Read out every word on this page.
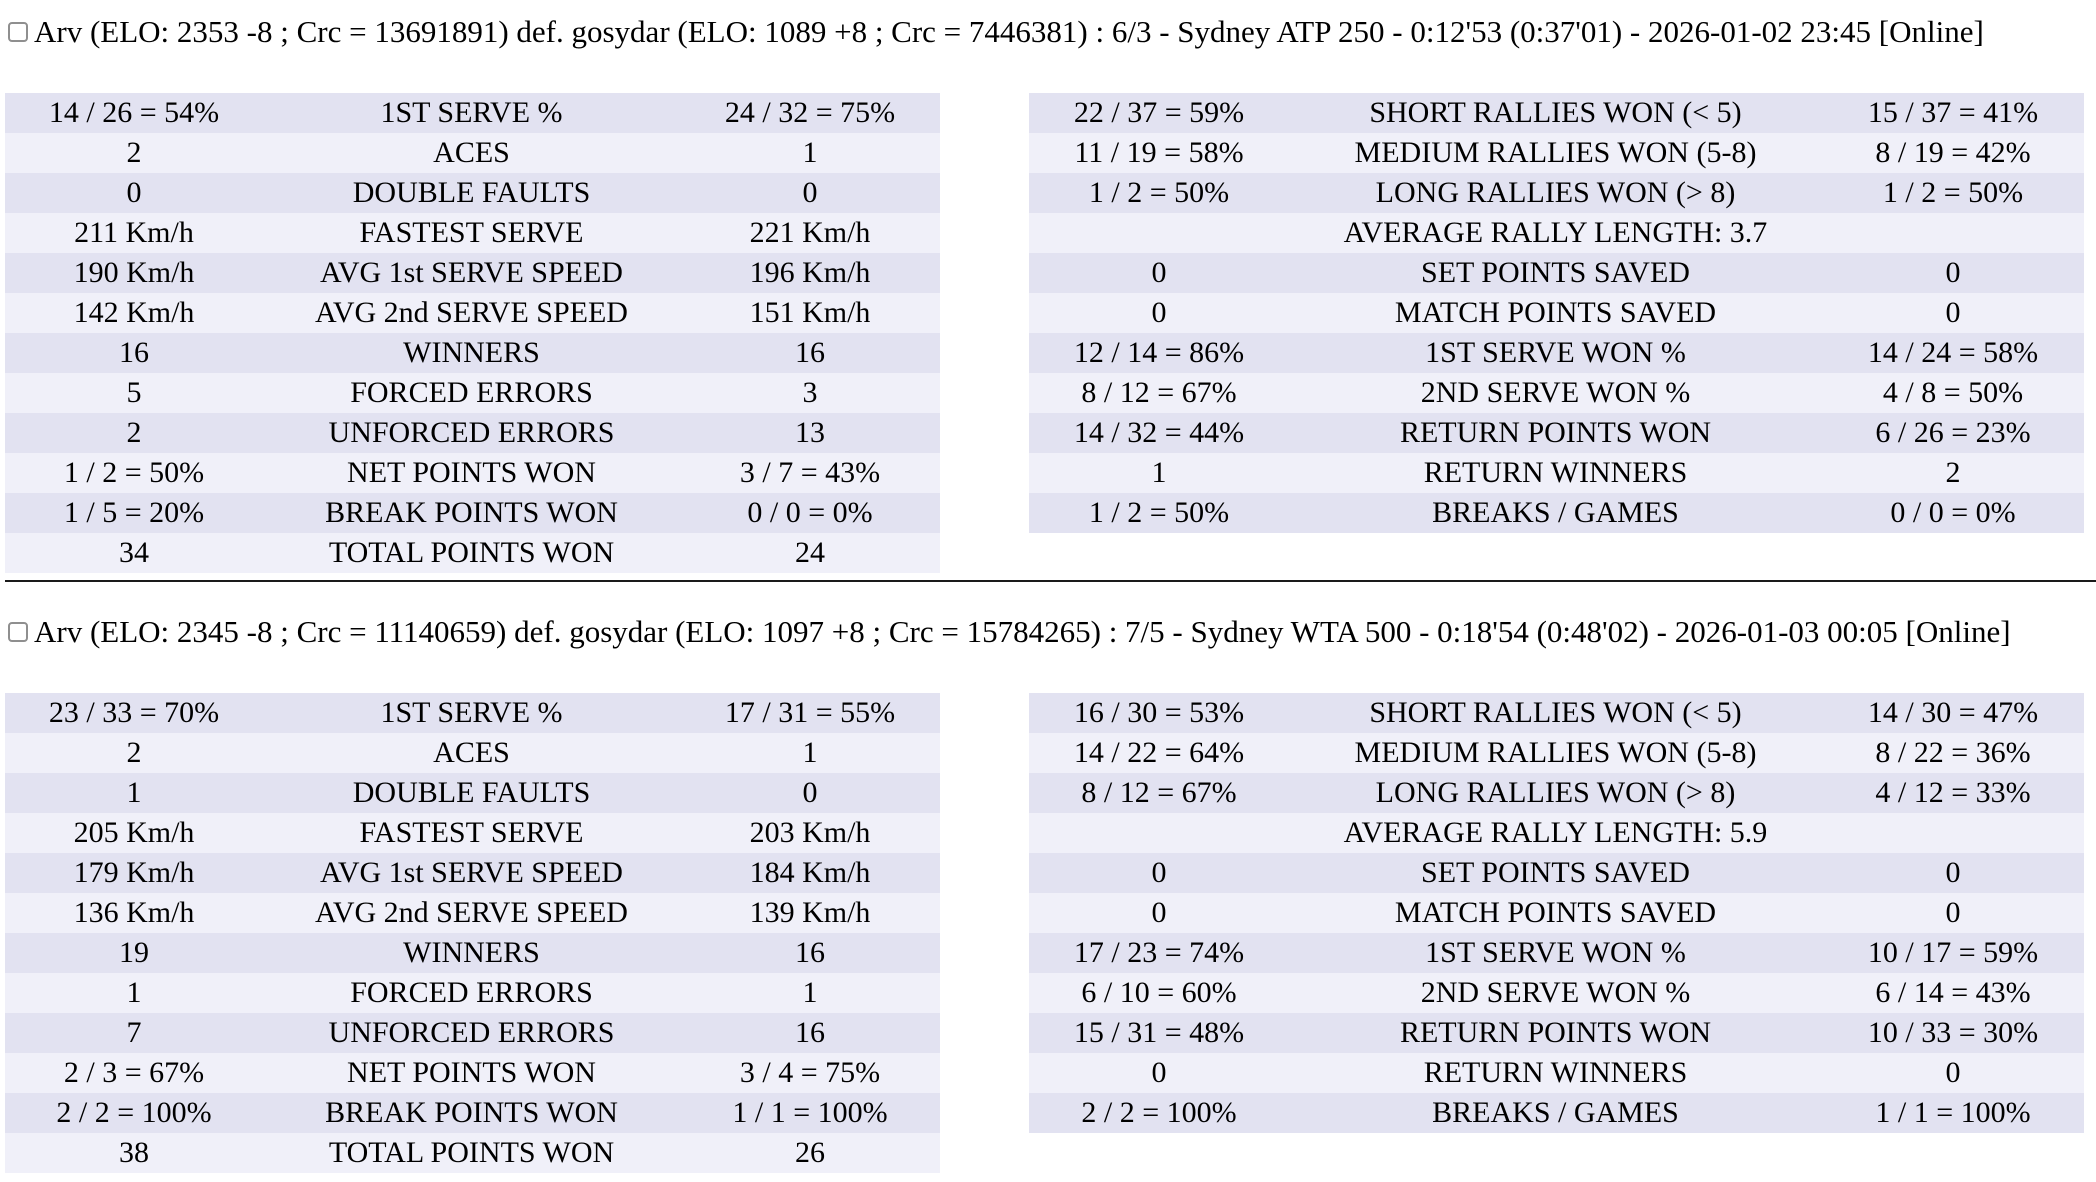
Arv (ELO: 2353 -8 ; Crc = 13691891) def. gosydar (ELO: 1089 +8 ; Crc = 7446381) : 6/3 - Sydney ATP 250 - 0:12'53 (0:37'01) - 2026-01-02 23:45 [Online]
14 / 26 = 54%	1ST SERVE %	24 / 32 = 75%
2	ACES	1
0	DOUBLE FAULTS	0
211 Km/h	FASTEST SERVE	221 Km/h
190 Km/h	AVG 1st SERVE SPEED	196 Km/h
142 Km/h	AVG 2nd SERVE SPEED	151 Km/h
16	WINNERS	16
5	FORCED ERRORS	3
2	UNFORCED ERRORS	13
1 / 2 = 50%	NET POINTS WON	3 / 7 = 43%
1 / 5 = 20%	BREAK POINTS WON	0 / 0 = 0%
34	TOTAL POINTS WON	24
22 / 37 = 59%	SHORT RALLIES WON (< 5)	15 / 37 = 41%
11 / 19 = 58%	MEDIUM RALLIES WON (5-8)	8 / 19 = 42%
1 / 2 = 50%	LONG RALLIES WON (> 8)	1 / 2 = 50%
	AVERAGE RALLY LENGTH: 3.7	
0	SET POINTS SAVED	0
0	MATCH POINTS SAVED	0
12 / 14 = 86%	1ST SERVE WON %	14 / 24 = 58%
8 / 12 = 67%	2ND SERVE WON %	4 / 8 = 50%
14 / 32 = 44%	RETURN POINTS WON	6 / 26 = 23%
1	RETURN WINNERS	2
1 / 2 = 50%	BREAKS / GAMES	0 / 0 = 0%
Arv (ELO: 2345 -8 ; Crc = 11140659) def. gosydar (ELO: 1097 +8 ; Crc = 15784265) : 7/5 - Sydney WTA 500 - 0:18'54 (0:48'02) - 2026-01-03 00:05 [Online]
23 / 33 = 70%	1ST SERVE %	17 / 31 = 55%
2	ACES	1
1	DOUBLE FAULTS	0
205 Km/h	FASTEST SERVE	203 Km/h
179 Km/h	AVG 1st SERVE SPEED	184 Km/h
136 Km/h	AVG 2nd SERVE SPEED	139 Km/h
19	WINNERS	16
1	FORCED ERRORS	1
7	UNFORCED ERRORS	16
2 / 3 = 67%	NET POINTS WON	3 / 4 = 75%
2 / 2 = 100%	BREAK POINTS WON	1 / 1 = 100%
38	TOTAL POINTS WON	26
16 / 30 = 53%	SHORT RALLIES WON (< 5)	14 / 30 = 47%
14 / 22 = 64%	MEDIUM RALLIES WON (5-8)	8 / 22 = 36%
8 / 12 = 67%	LONG RALLIES WON (> 8)	4 / 12 = 33%
	AVERAGE RALLY LENGTH: 5.9	
0	SET POINTS SAVED	0
0	MATCH POINTS SAVED	0
17 / 23 = 74%	1ST SERVE WON %	10 / 17 = 59%
6 / 10 = 60%	2ND SERVE WON %	6 / 14 = 43%
15 / 31 = 48%	RETURN POINTS WON	10 / 33 = 30%
0	RETURN WINNERS	0
2 / 2 = 100%	BREAKS / GAMES	1 / 1 = 100%
